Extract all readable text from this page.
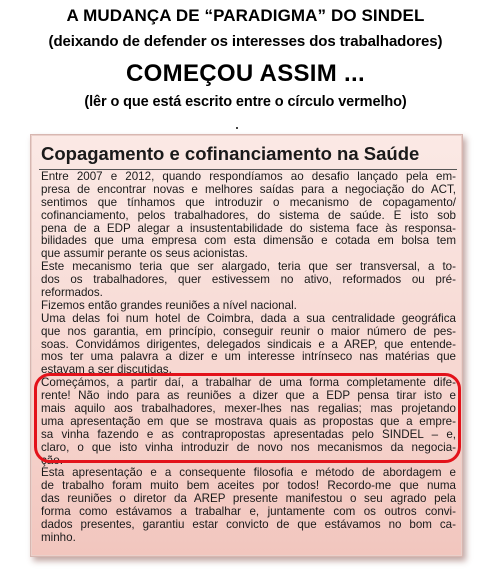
A MUDANÇA DE “PARADIGMA” DO SINDEL
(deixando de defender os interesses dos trabalhadores)
COMEÇOU ASSIM ...
(lêr o que está escrito entre o círculo vermelho)
Copagamento e cofinanciamento na Saúde
Entre 2007 e 2012, quando respondíamos ao desafio lançado pela em-
presa de encontrar novas e melhores saídas para a negociação do ACT,
sentimos que tínhamos que introduzir o mecanismo de copagamento/
cofinanciamento, pelos trabalhadores, do sistema de saúde. E isto sob
pena de a EDP alegar a insustentabilidade do sistema face às responsa-
bilidades que uma empresa com esta dimensão e cotada em bolsa tem
que assumir perante os seus acionistas.
Este mecanismo teria que ser alargado, teria que ser transversal, a to-
dos os trabalhadores, quer estivessem no ativo, reformados ou pré-
reformados.
Fizemos então grandes reuniões a nível nacional.
Uma delas foi num hotel de Coimbra, dada a sua centralidade geográfica
que nos garantia, em princípio, conseguir reunir o maior número de pes-
soas. Convidámos dirigentes, delegados sindicais e a AREP, que entende-
mos ter uma palavra a dizer e um interesse intrínseco nas matérias que
estavam a ser discutidas.
Começámos, a partir daí, a trabalhar de uma forma completamente dife-
rente! Não indo para as reuniões a dizer que a EDP pensa tirar isto e
mais aquilo aos trabalhadores, mexer-lhes nas regalias; mas projetando
uma apresentação em que se mostrava quais as propostas que a empre-
sa vinha fazendo e as contrapropostas apresentadas pelo SINDEL – e,
claro, o que isto vinha introduzir de novo nos mecanismos da negocia-
ção.
Esta apresentação e a consequente filosofia e método de abordagem e
de trabalho foram muito bem aceites por todos! Recordo-me que numa
das reuniões o diretor da AREP presente manifestou o seu agrado pela
forma como estávamos a trabalhar e, juntamente com os outros convi-
dados presentes, garantiu estar convicto de que estávamos no bom ca-
minho.
